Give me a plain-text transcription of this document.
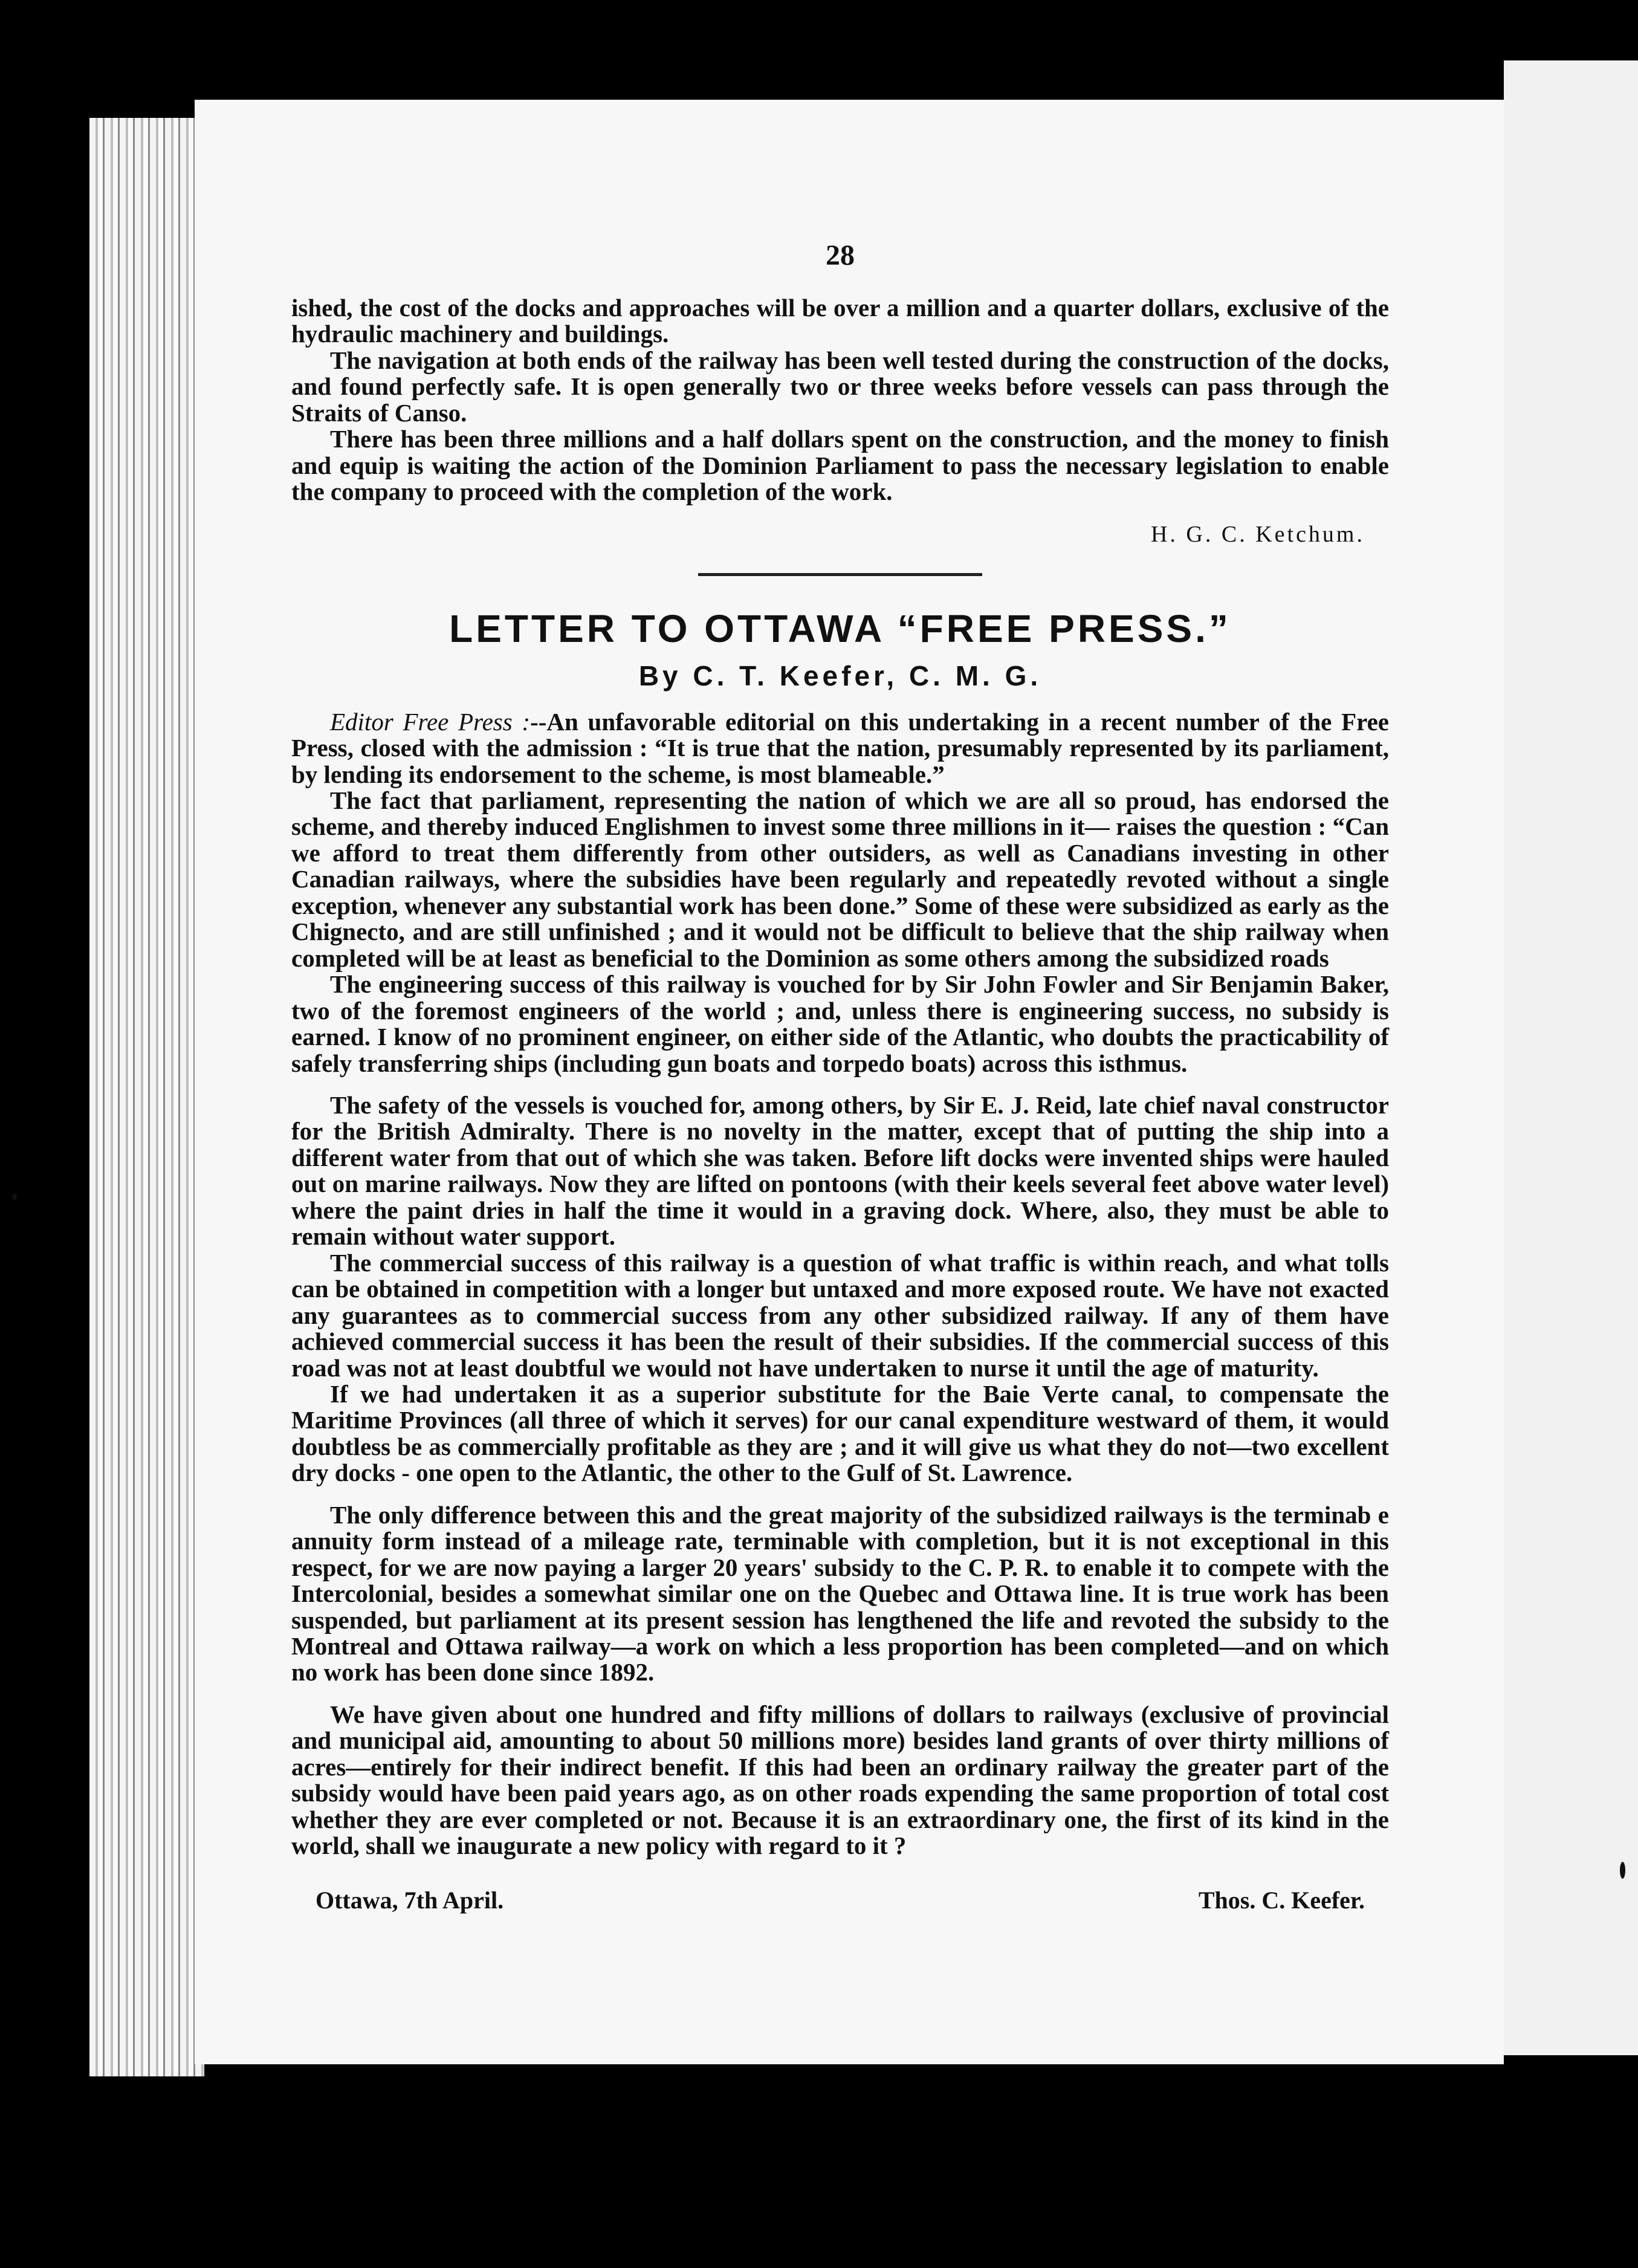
28

ished, the cost of the docks and approaches will be over a million and a quarter dollars, exclusive of the hydraulic machinery and buildings.

The navigation at both ends of the railway has been well tested during the construction of the docks, and found perfectly safe. It is open generally two or three weeks before vessels can pass through the Straits of Canso.

There has been three millions and a half dollars spent on the construction, and the money to finish and equip is waiting the action of the Dominion Parliament to pass the necessary legislation to enable the company to proceed with the completion of the work.

H. G. C. Ketchum.
LETTER TO OTTAWA “FREE PRESS.”
By C. T. Keefer, C. M. G.

Editor Free Press :--An unfavorable editorial on this undertaking in a recent number of the Free Press, closed with the admission : “It is true that the nation, presumably represented by its parliament, by lending its endorsement to the scheme, is most blameable.”

The fact that parliament, representing the nation of which we are all so proud, has endorsed the scheme, and thereby induced Englishmen to invest some three millions in it— raises the question : “Can we afford to treat them differently from other outsiders, as well as Canadians investing in other Canadian railways, where the subsidies have been regularly and repeatedly revoted without a single exception, whenever any substantial work has been done.” Some of these were subsidized as early as the Chignecto, and are still unfinished ; and it would not be difficult to believe that the ship railway when completed will be at least as beneficial to the Dominion as some others among the subsidized roads

The engineering success of this railway is vouched for by Sir John Fowler and Sir Benjamin Baker, two of the foremost engineers of the world ; and, unless there is engineering success, no subsidy is earned. I know of no prominent engineer, on either side of the Atlantic, who doubts the practicability of safely transferring ships (including gun boats and torpedo boats) across this isthmus.

The safety of the vessels is vouched for, among others, by Sir E. J. Reid, late chief naval constructor for the British Admiralty. There is no novelty in the matter, except that of putting the ship into a different water from that out of which she was taken. Before lift docks were invented ships were hauled out on marine railways. Now they are lifted on pontoons (with their keels several feet above water level) where the paint dries in half the time it would in a graving dock. Where, also, they must be able to remain without water support.

The commercial success of this railway is a question of what traffic is within reach, and what tolls can be obtained in competition with a longer but untaxed and more exposed route. We have not exacted any guarantees as to commercial success from any other subsidized railway. If any of them have achieved commercial success it has been the result of their subsidies. If the commercial success of this road was not at least doubtful we would not have undertaken to nurse it until the age of maturity.

If we had undertaken it as a superior substitute for the Baie Verte canal, to compensate the Maritime Provinces (all three of which it serves) for our canal expenditure westward of them, it would doubtless be as commercially profitable as they are ; and it will give us what they do not—two excellent dry docks - one open to the Atlantic, the other to the Gulf of St. Lawrence.

The only difference between this and the great majority of the subsidized railways is the terminab e annuity form instead of a mileage rate, terminable with completion, but it is not exceptional in this respect, for we are now paying a larger 20 years' subsidy to the C. P. R. to enable it to compete with the Intercolonial, besides a somewhat similar one on the Quebec and Ottawa line. It is true work has been suspended, but parliament at its present session has lengthened the life and revoted the subsidy to the Montreal and Ottawa railway—a work on which a less proportion has been completed—and on which no work has been done since 1892.

We have given about one hundred and fifty millions of dollars to railways (exclusive of provincial and municipal aid, amounting to about 50 millions more) besides land grants of over thirty millions of acres—entirely for their indirect benefit. If this had been an ordinary railway the greater part of the subsidy would have been paid years ago, as on other roads expending the same proportion of total cost whether they are ever completed or not. Because it is an extraordinary one, the first of its kind in the world, shall we inaugurate a new policy with regard to it ?

Ottawa, 7th April.	Thos. C. Keefer.
